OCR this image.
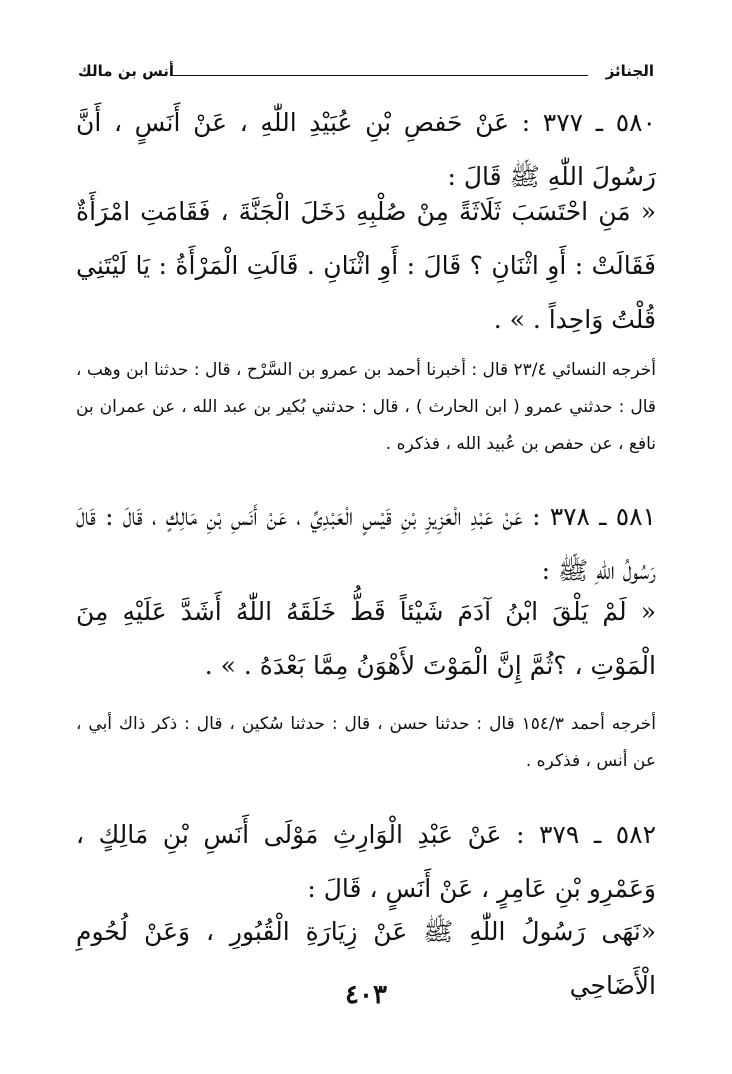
الجنائز
أنس بن مالك
٥٨٠ ـ ٣٧٧ : عَنْ حَفصِ بْنِ عُبَيْدِ اللّٰهِ ، عَنْ أَنَسٍ ، أَنَّ رَسُولَ اللّٰهِ ﷺ قَالَ :
« مَنِ احْتَسَبَ ثَلَاثَةً مِنْ صُلْبِهِ دَخَلَ الْجَنَّةَ ، فَقَامَتِ امْرَأَةٌ فَقَالَتْ : أَوِ اثْنَانِ ؟ قَالَ : أَوِ اثْنَانِ . قَالَتِ الْمَرْأَةُ : يَا لَيْتَنِي قُلْتُ وَاحِداً . » .
أخرجه النسائي ٢٣/٤ قال : أخبرنا أحمد بن عمرو بن السَّرْح ، قال : حدثنا ابن وهب ، قال : حدثني عمرو ( ابن الحارث ) ، قال : حدثني بُكير بن عبد الله ، عن عمران بن نافع ، عن حفص بن عُبيد الله ، فذكره .
٥٨١ ـ ٣٧٨ : عَنْ عَبْدِ الْعَزِيزِ بْنِ قَيْسٍ الْعَبْدِيِّ ، عَنْ أَنَسِ بْنِ مَالِكٍ ، قَالَ : قَالَ رَسُولُ اللّٰهِ ﷺ :
« لَمْ يَلْقَ ابْنُ آدَمَ شَيْئاً قَطُّ خَلَقَهُ اللّٰهُ أَشَدَّ عَلَيْهِ مِنَ الْمَوْتِ ، ؟ثُمَّ إِنَّ الْمَوْتَ لأَهْوَنُ مِمَّا بَعْدَهُ . » .
أخرجه أحمد ١٥٤/٣ قال : حدثنا حسن ، قال : حدثنا سُكين ، قال : ذكر ذاك أبي ، عن أنس ، فذكره .
٥٨٢ ـ ٣٧٩ : عَنْ عَبْدِ الْوَارِثِ مَوْلَى أَنَسِ بْنِ مَالِكٍ ، وَعَمْرِو بْنِ عَامِرٍ ، عَنْ أَنَسٍ ، قَالَ :
«نَهَى رَسُولُ اللّٰهِ ﷺ عَنْ زِيَارَةِ الْقُبُورِ ، وَعَنْ لُحُومِ الْأَضَاحِي
٤٠٣
